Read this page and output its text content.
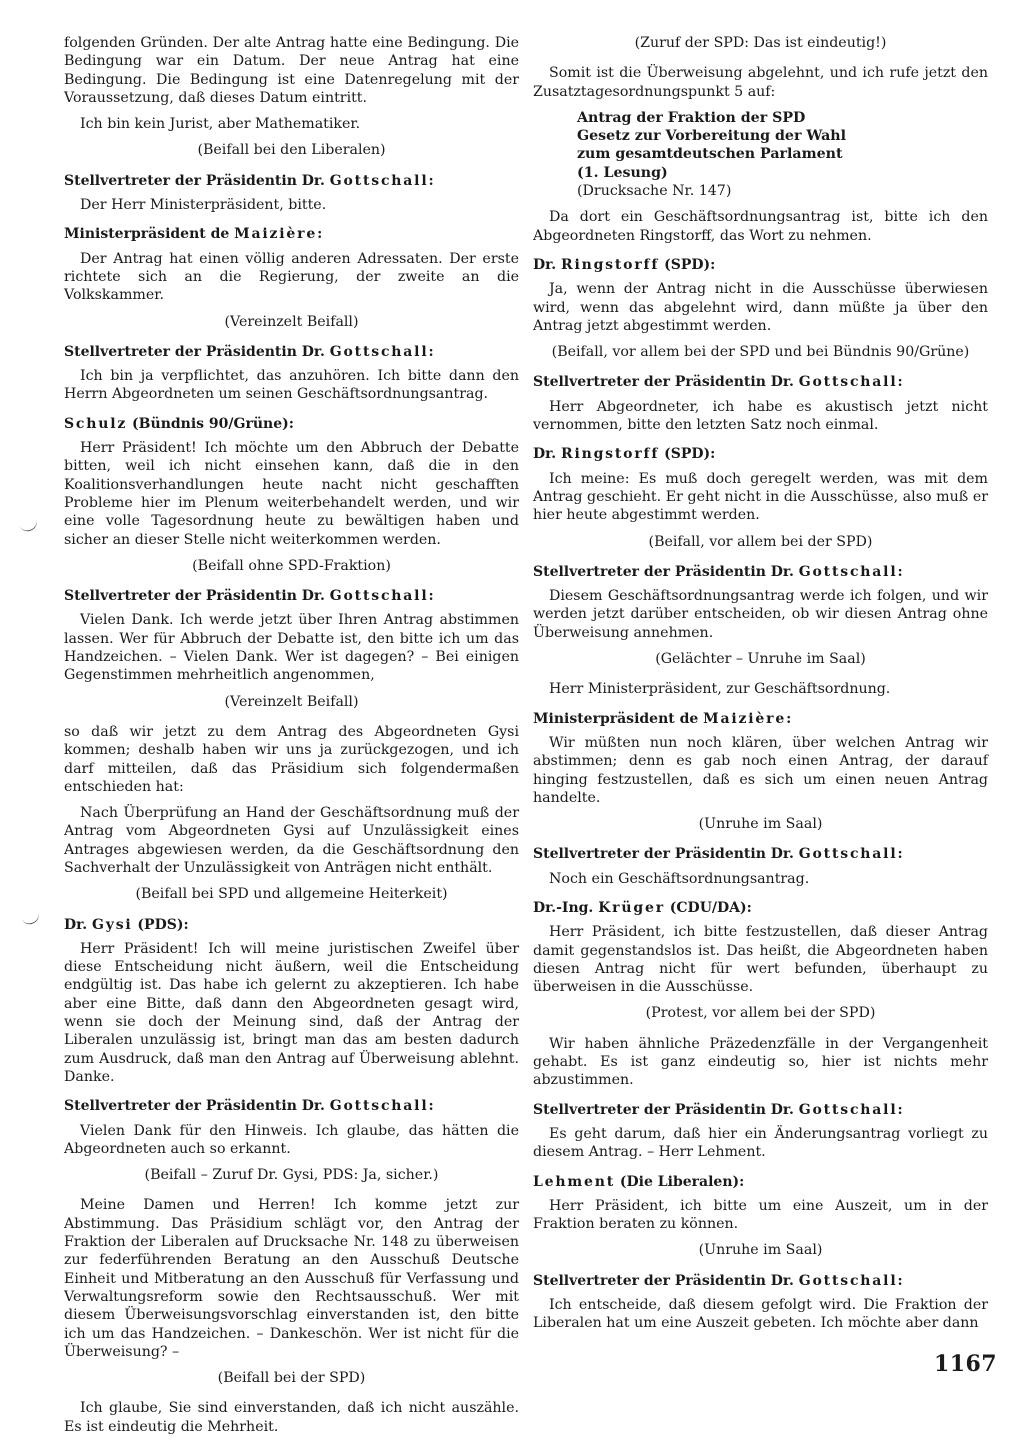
folgenden Gründen. Der alte Antrag hatte eine Bedingung. Die Bedingung war ein Datum. Der neue Antrag hat eine Bedingung. Die Bedingung ist eine Datenregelung mit der Voraussetzung, daß dieses Datum eintritt.

Ich bin kein Jurist, aber Mathematiker.

(Beifall bei den Liberalen)

Stellvertreter der Präsidentin Dr. Gottschall:

Der Herr Ministerpräsident, bitte.

Ministerpräsident de Maizière:

Der Antrag hat einen völlig anderen Adressaten. Der erste richtete sich an die Regierung, der zweite an die Volkskammer.

(Vereinzelt Beifall)

Stellvertreter der Präsidentin Dr. Gottschall:

Ich bin ja verpflichtet, das anzuhören. Ich bitte dann den Herrn Abgeordneten um seinen Geschäftsordnungsantrag.

Schulz (Bündnis 90/Grüne):

Herr Präsident! Ich möchte um den Abbruch der Debatte bitten, weil ich nicht einsehen kann, daß die in den Koalitionsverhandlungen heute nacht nicht geschafften Probleme hier im Plenum weiterbehandelt werden, und wir eine volle Tagesordnung heute zu bewältigen haben und sicher an dieser Stelle nicht weiterkommen werden.

(Beifall ohne SPD-Fraktion)

Stellvertreter der Präsidentin Dr. Gottschall:

Vielen Dank. Ich werde jetzt über Ihren Antrag abstimmen lassen. Wer für Abbruch der Debatte ist, den bitte ich um das Handzeichen. – Vielen Dank. Wer ist dagegen? – Bei einigen Gegenstimmen mehrheitlich angenommen,

(Vereinzelt Beifall)

so daß wir jetzt zu dem Antrag des Abgeordneten Gysi kommen; deshalb haben wir uns ja zurückgezogen, und ich darf mitteilen, daß das Präsidium sich folgendermaßen entschieden hat:

Nach Überprüfung an Hand der Geschäftsordnung muß der Antrag vom Abgeordneten Gysi auf Unzulässigkeit eines Antrages abgewiesen werden, da die Geschäftsordnung den Sachverhalt der Unzulässigkeit von Anträgen nicht enthält.

(Beifall bei SPD und allgemeine Heiterkeit)

Dr. Gysi (PDS):

Herr Präsident! Ich will meine juristischen Zweifel über diese Entscheidung nicht äußern, weil die Entscheidung endgültig ist. Das habe ich gelernt zu akzeptieren. Ich habe aber eine Bitte, daß dann den Abgeordneten gesagt wird, wenn sie doch der Meinung sind, daß der Antrag der Liberalen unzulässig ist, bringt man das am besten dadurch zum Ausdruck, daß man den Antrag auf Überweisung ablehnt. Danke.

Stellvertreter der Präsidentin Dr. Gottschall:

Vielen Dank für den Hinweis. Ich glaube, das hätten die Abgeordneten auch so erkannt.

(Beifall – Zuruf Dr. Gysi, PDS: Ja, sicher.)

Meine Damen und Herren! Ich komme jetzt zur Abstimmung. Das Präsidium schlägt vor, den Antrag der Fraktion der Liberalen auf Drucksache Nr. 148 zu überweisen zur federführenden Beratung an den Ausschuß Deutsche Einheit und Mitberatung an den Ausschuß für Verfassung und Verwaltungsreform sowie den Rechtsausschuß. Wer mit diesem Überweisungsvorschlag einverstanden ist, den bitte ich um das Handzeichen. – Dankeschön. Wer ist nicht für die Überweisung? –

(Beifall bei der SPD)

Ich glaube, Sie sind einverstanden, daß ich nicht auszähle. Es ist eindeutig die Mehrheit.

(Zuruf der SPD: Das ist eindeutig!)

Somit ist die Überweisung abgelehnt, und ich rufe jetzt den Zusatztagesordnungspunkt 5 auf:

Antrag der Fraktion der SPD
Gesetz zur Vorbereitung der Wahl
zum gesamtdeutschen Parlament
(1. Lesung)
(Drucksache Nr. 147)

Da dort ein Geschäftsordnungsantrag ist, bitte ich den Abgeordneten Ringstorff, das Wort zu nehmen.

Dr. Ringstorff (SPD):

Ja, wenn der Antrag nicht in die Ausschüsse überwiesen wird, wenn das abgelehnt wird, dann müßte ja über den Antrag jetzt abgestimmt werden.

(Beifall, vor allem bei der SPD und bei Bündnis 90/Grüne)

Stellvertreter der Präsidentin Dr. Gottschall:

Herr Abgeordneter, ich habe es akustisch jetzt nicht vernommen, bitte den letzten Satz noch einmal.

Dr. Ringstorff (SPD):

Ich meine: Es muß doch geregelt werden, was mit dem Antrag geschieht. Er geht nicht in die Ausschüsse, also muß er hier heute abgestimmt werden.

(Beifall, vor allem bei der SPD)

Stellvertreter der Präsidentin Dr. Gottschall:

Diesem Geschäftsordnungsantrag werde ich folgen, und wir werden jetzt darüber entscheiden, ob wir diesen Antrag ohne Überweisung annehmen.

(Gelächter – Unruhe im Saal)

Herr Ministerpräsident, zur Geschäftsordnung.

Ministerpräsident de Maizière:

Wir müßten nun noch klären, über welchen Antrag wir abstimmen; denn es gab noch einen Antrag, der darauf hinging festzustellen, daß es sich um einen neuen Antrag handelte.

(Unruhe im Saal)

Stellvertreter der Präsidentin Dr. Gottschall:

Noch ein Geschäftsordnungsantrag.

Dr.-Ing. Krüger (CDU/DA):

Herr Präsident, ich bitte festzustellen, daß dieser Antrag damit gegenstandslos ist. Das heißt, die Abgeordneten haben diesen Antrag nicht für wert befunden, überhaupt zu überweisen in die Ausschüsse.

(Protest, vor allem bei der SPD)

Wir haben ähnliche Präzedenzfälle in der Vergangenheit gehabt. Es ist ganz eindeutig so, hier ist nichts mehr abzustimmen.

Stellvertreter der Präsidentin Dr. Gottschall:

Es geht darum, daß hier ein Änderungsantrag vorliegt zu diesem Antrag. – Herr Lehment.

Lehment (Die Liberalen):

Herr Präsident, ich bitte um eine Auszeit, um in der Fraktion beraten zu können.

(Unruhe im Saal)

Stellvertreter der Präsidentin Dr. Gottschall:

Ich entscheide, daß diesem gefolgt wird. Die Fraktion der Liberalen hat um eine Auszeit gebeten. Ich möchte aber dann

1167
